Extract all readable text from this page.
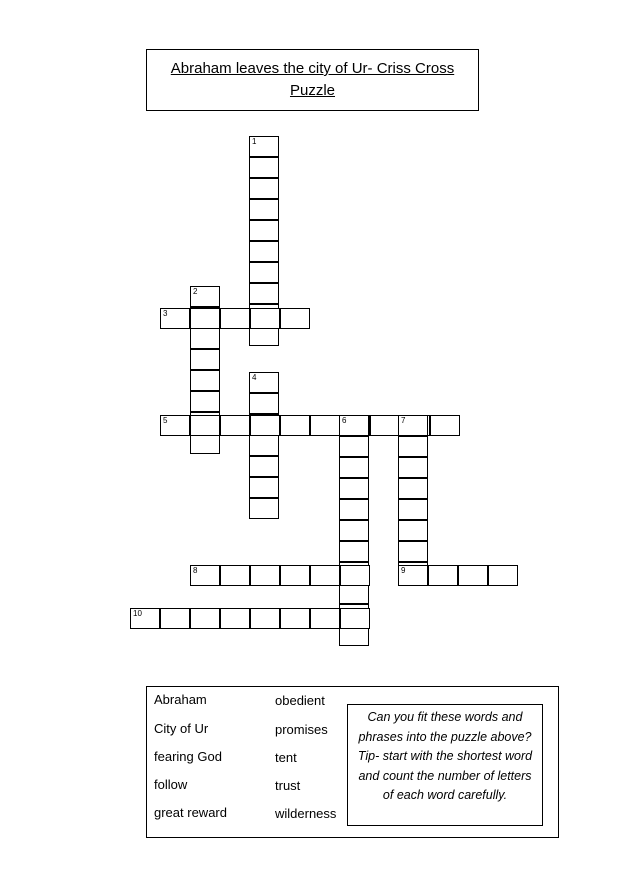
Abraham leaves the city of Ur- Criss Cross Puzzle
1
2
3
4
5	6	7
8	9
10
Abraham
City of Ur
fearing God
follow
great reward
obedient
promises
tent
trust
wilderness
Can you fit these words and phrases into the puzzle above? Tip- start with the shortest word and count the number of letters of each word carefully.
